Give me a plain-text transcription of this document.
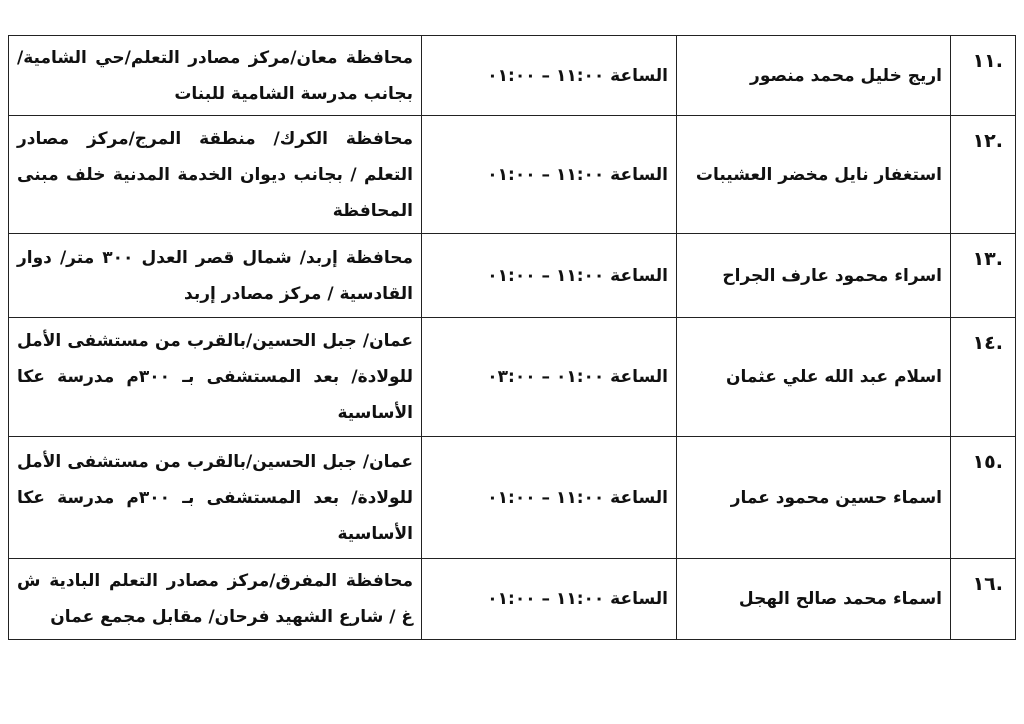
.١١	اريج خليل محمد منصور	الساعة ١١:٠٠ – ٠١:٠٠	محافظة معان/مركز مصادر التعلم/حي الشامية/ بجانب مدرسة الشامية للبنات
.١٢	استغفار نايل مخضر العشيبات	الساعة ١١:٠٠ – ٠١:٠٠	محافظة الكرك/ منطقة المرج/مركز مصادر التعلم / بجانب ديوان الخدمة المدنية خلف مبنى المحافظة
.١٣	اسراء محمود عارف الجراح	الساعة ١١:٠٠ – ٠١:٠٠	محافظة إربد/ شمال قصر العدل ٣٠٠ متر/ دوار القادسية / مركز مصادر إربد
.١٤	اسلام عبد الله علي عثمان	الساعة ٠١:٠٠ – ٠٣:٠٠	عمان/ جبل الحسين/بالقرب من مستشفى الأمل للولادة/ بعد المستشفى بـ ٣٠٠م مدرسة عكا الأساسية
.١٥	اسماء حسين محمود عمار	الساعة ١١:٠٠ – ٠١:٠٠	عمان/ جبل الحسين/بالقرب من مستشفى الأمل للولادة/ بعد المستشفى بـ ٣٠٠م مدرسة عكا الأساسية
.١٦	اسماء محمد صالح الهجل	الساعة ١١:٠٠ – ٠١:٠٠	محافظة المفرق/مركز مصادر التعلم البادية ش غ / شارع الشهيد فرحان/ مقابل مجمع عمان
